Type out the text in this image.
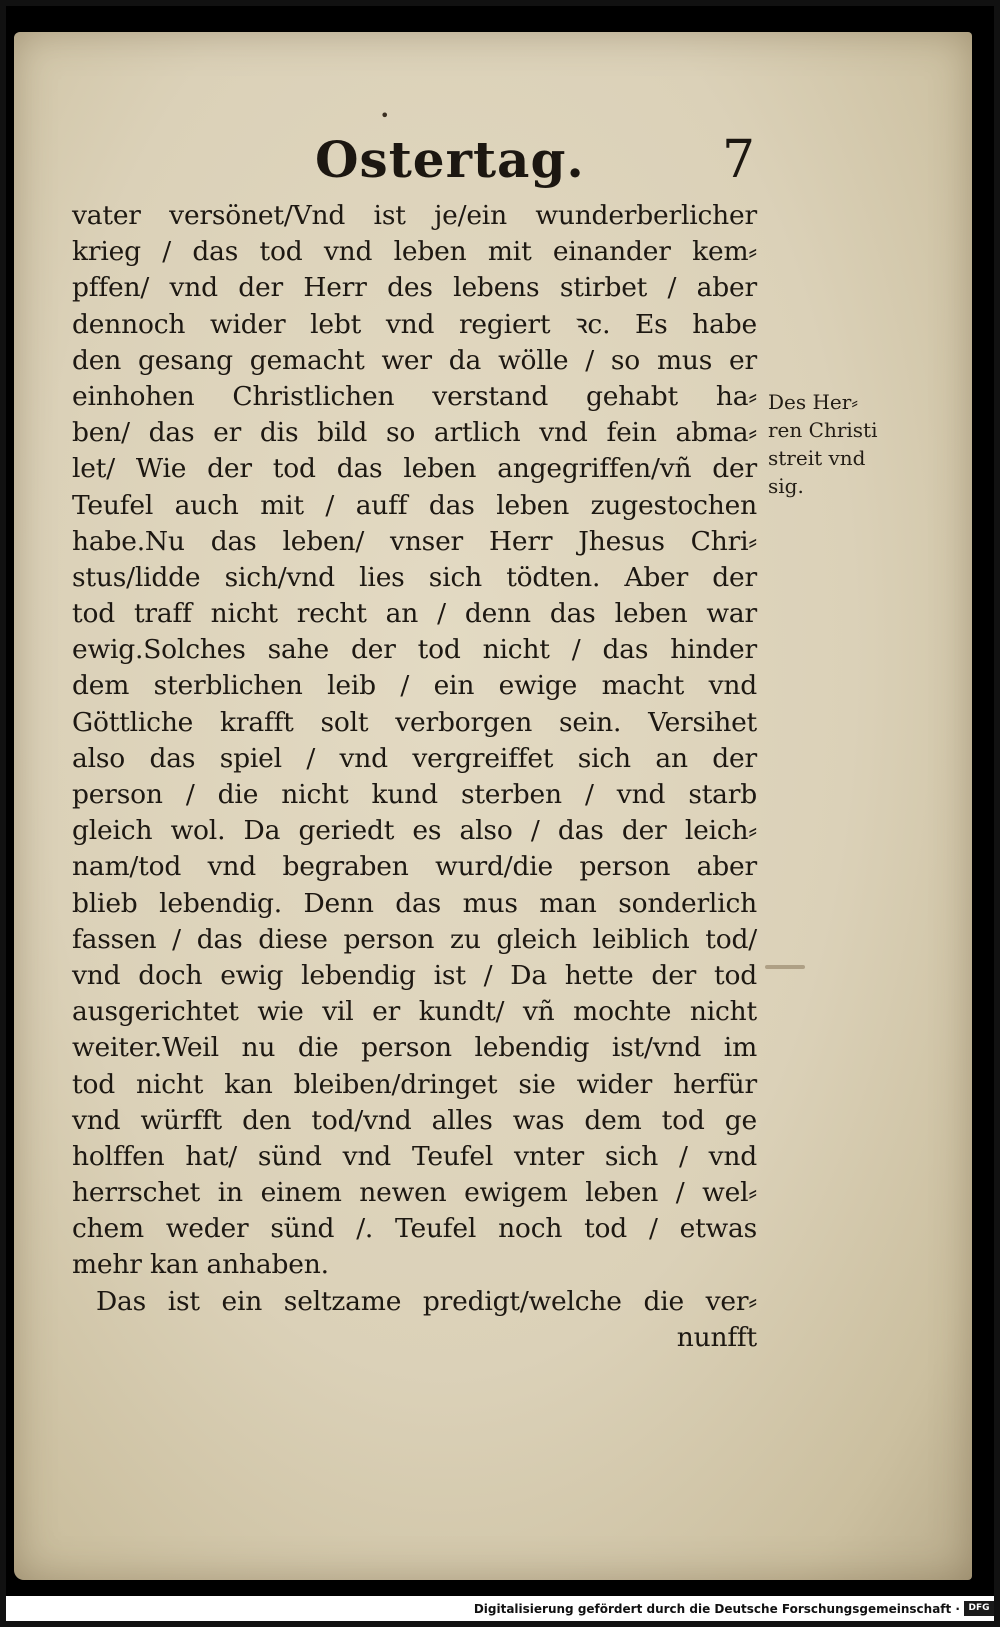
Ostertag.	7
•
vater versönet/Vnd ist je/ein wunderberlicher
krieg / das tod vnd leben mit einander kem⸗
pffen/ vnd der Herr des lebens stirbet / aber
dennoch wider lebt vnd regiert ꝛc. Es habe
den gesang gemacht wer da wölle / so mus er
einhohen Christlichen verstand gehabt ha⸗
ben/ das er dis bild so artlich vnd fein abma⸗
let/ Wie der tod das leben angegriffen/vñ der
Teufel auch mit / auff das leben zugestochen
habe.Nu das leben/ vnser Herr Jhesus Chri⸗
stus/lidde sich/vnd lies sich tödten. Aber der
tod traff nicht recht an / denn das leben war
ewig.Solches sahe der tod nicht / das hinder
dem sterblichen leib / ein ewige macht vnd
Göttliche krafft solt verborgen sein. Versihet
also das spiel / vnd vergreiffet sich an der
person / die nicht kund sterben / vnd starb
gleich wol. Da geriedt es also / das der leich⸗
nam/tod vnd begraben wurd/die person aber
blieb lebendig. Denn das mus man sonderlich
fassen / das diese person zu gleich leiblich tod/
vnd doch ewig lebendig ist / Da hette der tod
ausgerichtet wie vil er kundt/ vñ mochte nicht
weiter.Weil nu die person lebendig ist/vnd im
tod nicht kan bleiben/dringet sie wider herfür
vnd würfft den tod/vnd alles was dem tod ge
holffen hat/ sünd vnd Teufel vnter sich / vnd
herrschet in einem newen ewigem leben / wel⸗
chem weder sünd /. Teufel noch tod / etwas
mehr kan anhaben.
Das ist ein seltzame predigt/welche die ver⸗
nunfft
Des Her⸗
ren Christi
streit vnd
sig.
Digitalisierung gefördert durch die Deutsche Forschungsgemeinschaft · DFG
